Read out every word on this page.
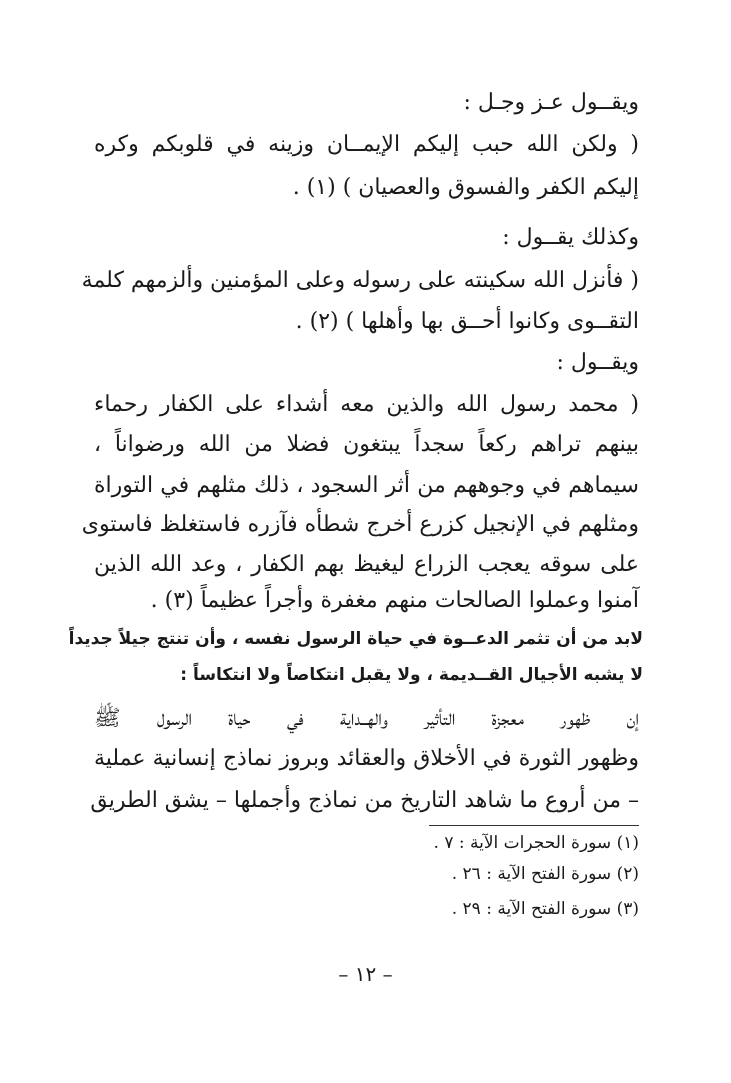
ويقــول عـز وجـل :

( ولكن الله حبب إليكم الإيمــان وزينه في قلوبكم وكره

إليكم الكفر والفسوق والعصيان ) (١) .

وكذلك يقــول :

( فأنزل الله سكينته على رسوله وعلى المؤمنين وألزمهم كلمة

التقــوى وكانوا أحــق بها وأهلها ) (٢) .

ويقــول :

( محمد رسول الله والذين معه أشداء على الكفار رحماء

بينهم تراهم ركعاً سجداً يبتغون فضلا من الله ورضواناً ،

سيماهم في وجوههم من أثر السجود ، ذلك مثلهم في التوراة

ومثلهم في الإنجيل كزرع أخرج شطأه فآزره فاستغلظ فاستوى

على سوقه يعجب الزراع ليغيظ بهم الكفار ، وعد الله الذين

آمنوا وعملوا الصالحات منهم مغفرة وأجراً عظيماً (٣) .

لابد من أن تثمر الدعــوة في حياة الرسول نفسه ، وأن تنتج جيلاً جديداً

لا يشبه الأجيال القــديمة ، ولا يقبل انتكاصاً ولا انتكاساً :

إن ظهور معجزة التأثير والهــداية في حياة الرسول ﷺ

وظهور الثورة في الأخلاق والعقائد وبروز نماذج إنسانية عملية

– من أروع ما شاهد التاريخ من نماذج وأجملها – يشق الطريق

(١) سورة الحجرات الآية : ٧ .

(٢) سورة الفتح الآية : ٢٦ .

(٣) سورة الفتح الآية : ٢٩ .

– ١٢ –
